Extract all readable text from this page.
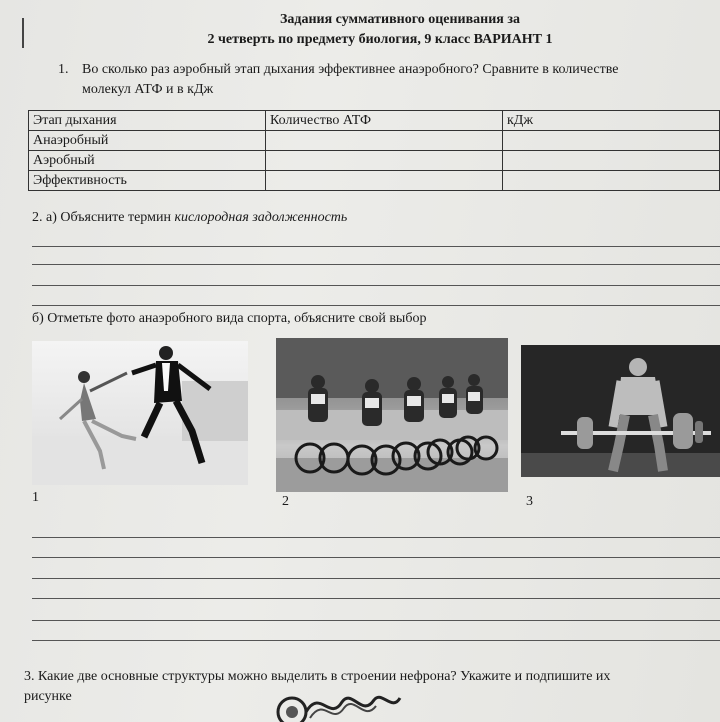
Задания суммативного оценивания за
2 четверть по предмету биология, 9 класс ВАРИАНТ 1
1. Во сколько раз аэробный этап дыхания эффективнее анаэробного? Сравните в количестве
молекул АТФ и в кДж
Этап дыхания	Количество АТФ	кДж
Анаэробный		
Аэробный		
Эффективность		
2. а) Объясните термин кислородная задолженность
б) Отметьте фото анаэробного вида спорта, объясните свой выбор
1	2	3
3. Какие две основные структуры можно выделить в строении нефрона? Укажите и подпишите их
рисунке
